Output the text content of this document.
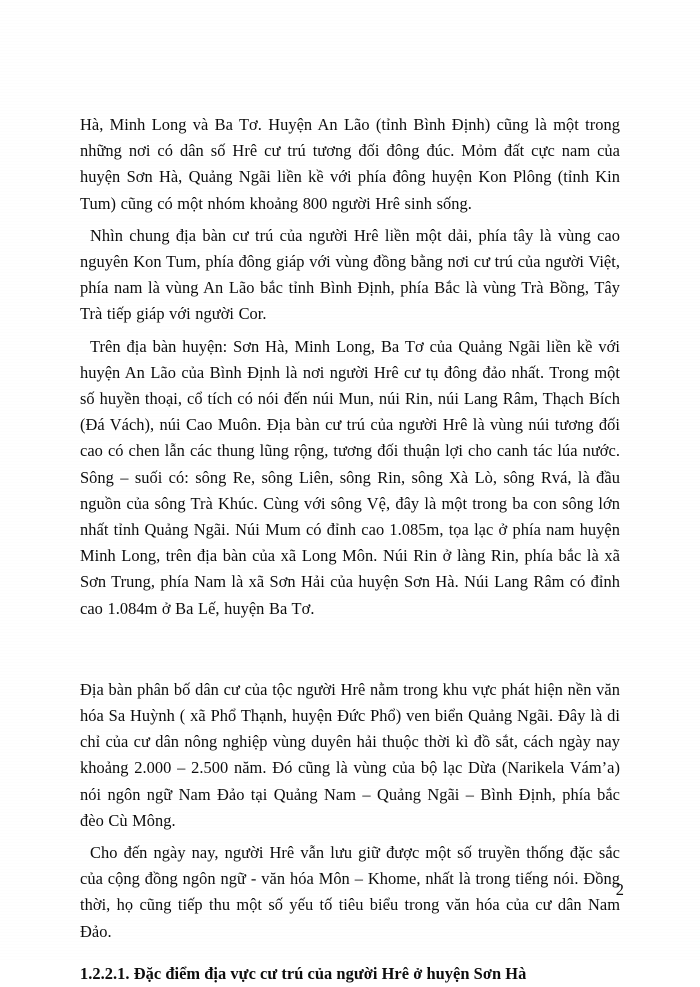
Hà, Minh Long và Ba Tơ. Huyện An Lão (tỉnh Bình Định) cũng là một trong những nơi có dân số Hrê cư trú tương đối đông đúc. Mỏm đất cực nam của huyện Sơn Hà, Quảng Ngãi liền kề với phía đông huyện Kon Plông (tỉnh Kin Tum) cũng có một nhóm khoảng 800 người Hrê sinh sống.

Nhìn chung địa bàn cư trú của người Hrê liền một dải, phía tây là vùng cao nguyên Kon Tum, phía đông giáp với vùng đồng bằng nơi cư trú của người Việt, phía nam là vùng An Lão bắc tỉnh Bình Định, phía Bắc là vùng Trà Bồng, Tây Trà tiếp giáp với người Cor.

Trên địa bàn huyện: Sơn Hà, Minh Long, Ba Tơ của Quảng Ngãi liền kề với huyện An Lão của Bình Định là nơi người Hrê cư tụ đông đảo nhất. Trong một số huyền thoại, cổ tích có nói đến núi Mun, núi Rin, núi Lang Râm, Thạch Bích (Đá Vách), núi Cao Muôn. Địa bàn cư trú của người Hrê là vùng núi tương đối cao có chen lẫn các thung lũng rộng, tương đối thuận lợi cho canh tác lúa nước. Sông – suối có: sông Re, sông Liên, sông Rin, sông Xà Lò, sông Rvá, là đầu nguồn của sông Trà Khúc. Cùng với sông Vệ, đây là một trong ba con sông lớn nhất tỉnh Quảng Ngãi. Núi Mum có đỉnh cao 1.085m, tọa lạc ở phía nam huyện Minh Long, trên địa bàn của xã Long Môn. Núi Rin ở làng Rin, phía bắc là xã Sơn Trung, phía Nam là xã Sơn Hải của huyện Sơn Hà. Núi Lang Râm có đỉnh cao 1.084m ở Ba Lế, huyện Ba Tơ.

Địa bàn phân bố dân cư của tộc người Hrê nằm trong khu vực phát hiện nền văn hóa Sa Huỳnh ( xã Phổ Thạnh, huyện Đức Phổ) ven biển Quảng Ngãi. Đây là di chỉ của cư dân nông nghiệp vùng duyên hải thuộc thời kì đồ sắt, cách ngày nay khoảng 2.000 – 2.500 năm. Đó cũng là vùng của bộ lạc Dừa (Narikela Vám’a) nói ngôn ngữ Nam Đảo tại Quảng Nam – Quảng Ngãi – Bình Định, phía bắc đèo Cù Mông.

Cho đến ngày nay, người Hrê vẫn lưu giữ được một số truyền thống đặc sắc của cộng đồng ngôn ngữ - văn hóa Môn – Khome, nhất là trong tiếng nói. Đồng thời, họ cũng tiếp thu một số yếu tố tiêu biểu trong văn hóa của cư dân Nam Đảo.

1.2.2.1. Đặc điểm địa vực cư trú của người Hrê ở huyện Sơn Hà
2
